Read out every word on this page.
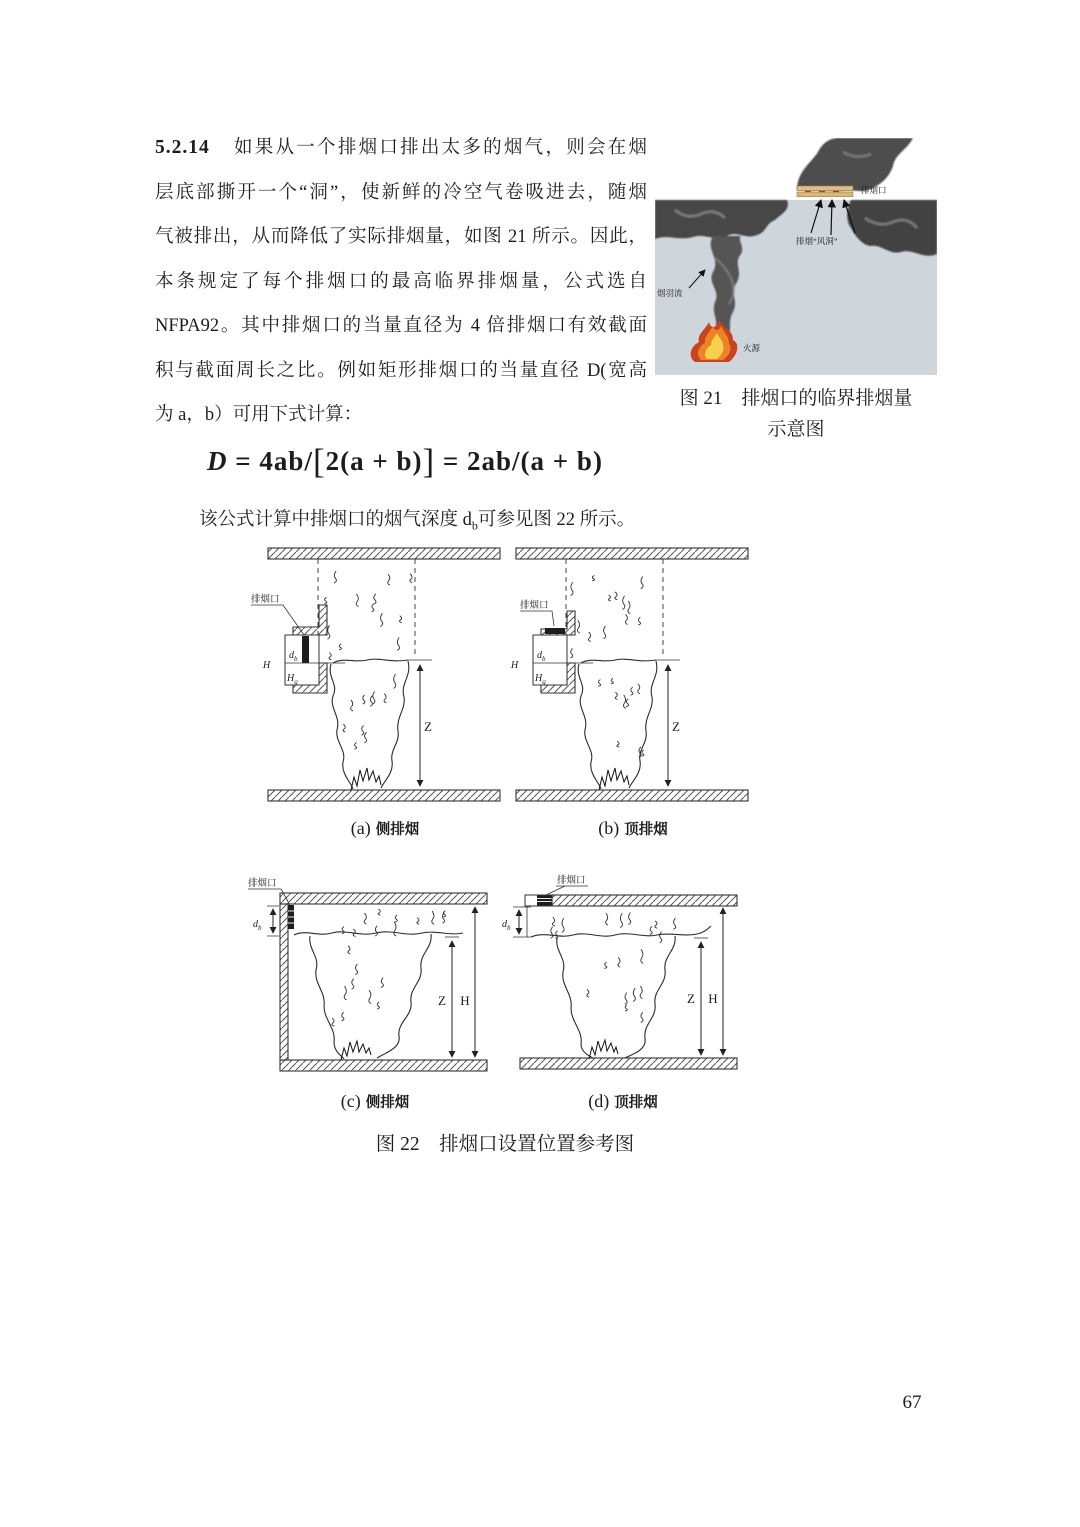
5.2.14 如果从一个排烟口排出太多的烟气，则会在烟
层底部撕开一个“洞”，使新鲜的冷空气卷吸进去，随烟
气被排出，从而降低了实际排烟量，如图 21 所示。因此，
本条规定了每个排烟口的最高临界排烟量，公式选自
NFPA92。其中排烟口的当量直径为 4 倍排烟口有效截面
积与截面周长之比。例如矩形排烟口的当量直径 D(宽高
为 a，b）可用下式计算：
D = 4ab/[2(a + b)] = 2ab/(a + b)
该公式计算中排烟口的烟气深度 $d_b$可参见图 22 所示。
排烟口
排烟“风洞”
烟羽流
火源
图 21　排烟口的临界排烟量
示意图
排烟口
$d_b$
$H_q$
H
Z
(a) 侧排烟
排烟口
$d_b$
$H_q$
H
Z
(b) 顶排烟
排烟口
$d_b$
Z H
(c) 侧排烟
排烟口
$d_b$
Z H
(d) 顶排烟
图 22　排烟口设置位置参考图
67
